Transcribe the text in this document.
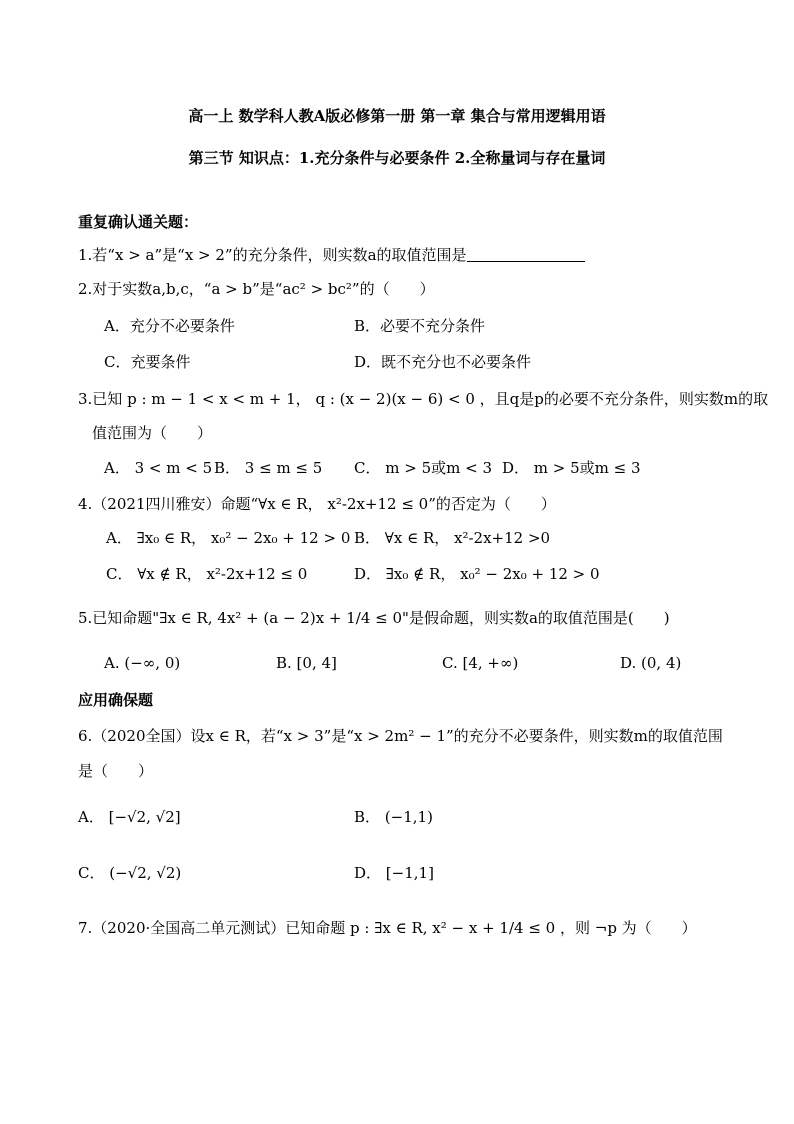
高一上 数学科人教A版必修第一册 第一章 集合与常用逻辑用语
第三节 知识点：1.充分条件与必要条件 2.全称量词与存在量词
重复确认通关题：
1.若“x > a”是“x > 2”的充分条件，则实数a的取值范围是
2.对于实数a,b,c，“a > b”是“ac² > bc²”的（　　）
A．充分不必要条件	B．必要不充分条件
C．充要条件	D．既不充分也不必要条件
3.已知 p : m − 1 < x < m + 1， q : (x − 2)(x − 6) < 0 ，且q是p的必要不充分条件，则实数m的取
值范围为（　　）
A． 3 < m < 5 B． 3 ≤ m ≤ 5 C． m > 5或m < 3 D． m > 5或m ≤ 3
4.（2021四川雅安）命题“∀x ∈ R， x²-2x+12 ≤ 0”的否定为（　　）
A． ∃x₀ ∈ R， x₀² − 2x₀ + 12 > 0 B． ∀x ∈ R， x²-2x+12 >0
C． ∀x ∉ R， x²-2x+12 ≤ 0	D． ∃x₀ ∉ R， x₀² − 2x₀ + 12 > 0
5.已知命题"∃x ∈ R, 4x² + (a − 2)x + 1/4 ≤ 0"是假命题，则实数a的取值范围是(　　)
A. (−∞, 0)	B. [0, 4]	C. [4, +∞)	D. (0, 4)
应用确保题
6.（2020全国）设x ∈ R，若“x > 3”是“x > 2m² − 1”的充分不必要条件，则实数m的取值范围
是（　　）
A． [−√2, √2]	B． (−1,1)
C． (−√2, √2)	D． [−1,1]
7.（2020·全国高二单元测试）已知命题 p : ∃x ∈ R, x² − x + 1/4 ≤ 0 ，则 ¬p 为（　　）
